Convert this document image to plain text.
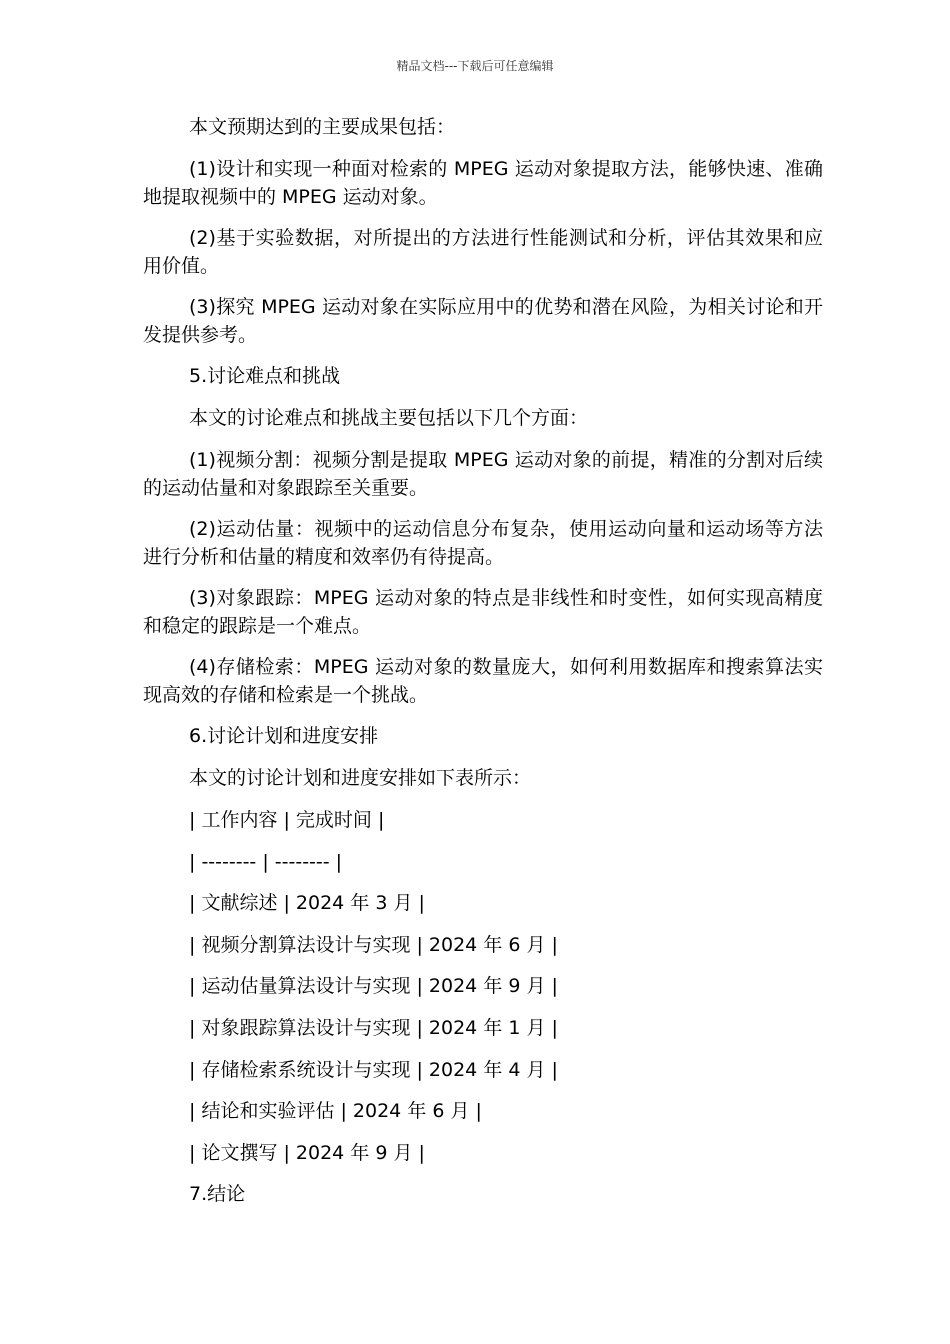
精品文档---下载后可任意编辑

本文预期达到的主要成果包括：

(1)设计和实现一种面对检索的 MPEG 运动对象提取方法，能够快速、准确地提取视频中的 MPEG 运动对象。

(2)基于实验数据，对所提出的方法进行性能测试和分析，评估其效果和应用价值。

(3)探究 MPEG 运动对象在实际应用中的优势和潜在风险，为相关讨论和开发提供参考。

5.讨论难点和挑战

本文的讨论难点和挑战主要包括以下几个方面：

(1)视频分割：视频分割是提取 MPEG 运动对象的前提，精准的分割对后续的运动估量和对象跟踪至关重要。

(2)运动估量：视频中的运动信息分布复杂，使用运动向量和运动场等方法进行分析和估量的精度和效率仍有待提高。

(3)对象跟踪：MPEG 运动对象的特点是非线性和时变性，如何实现高精度和稳定的跟踪是一个难点。

(4)存储检索：MPEG 运动对象的数量庞大，如何利用数据库和搜索算法实现高效的存储和检索是一个挑战。

6.讨论计划和进度安排

本文的讨论计划和进度安排如下表所示：

| 工作内容 | 完成时间 |
| -------- | -------- |
| 文献综述 | 2024 年 3 月 |
| 视频分割算法设计与实现 | 2024 年 6 月 |
| 运动估量算法设计与实现 | 2024 年 9 月 |
| 对象跟踪算法设计与实现 | 2024 年 1 月 |
| 存储检索系统设计与实现 | 2024 年 4 月 |
| 结论和实验评估 | 2024 年 6 月 |
| 论文撰写 | 2024 年 9 月 |

7.结论
